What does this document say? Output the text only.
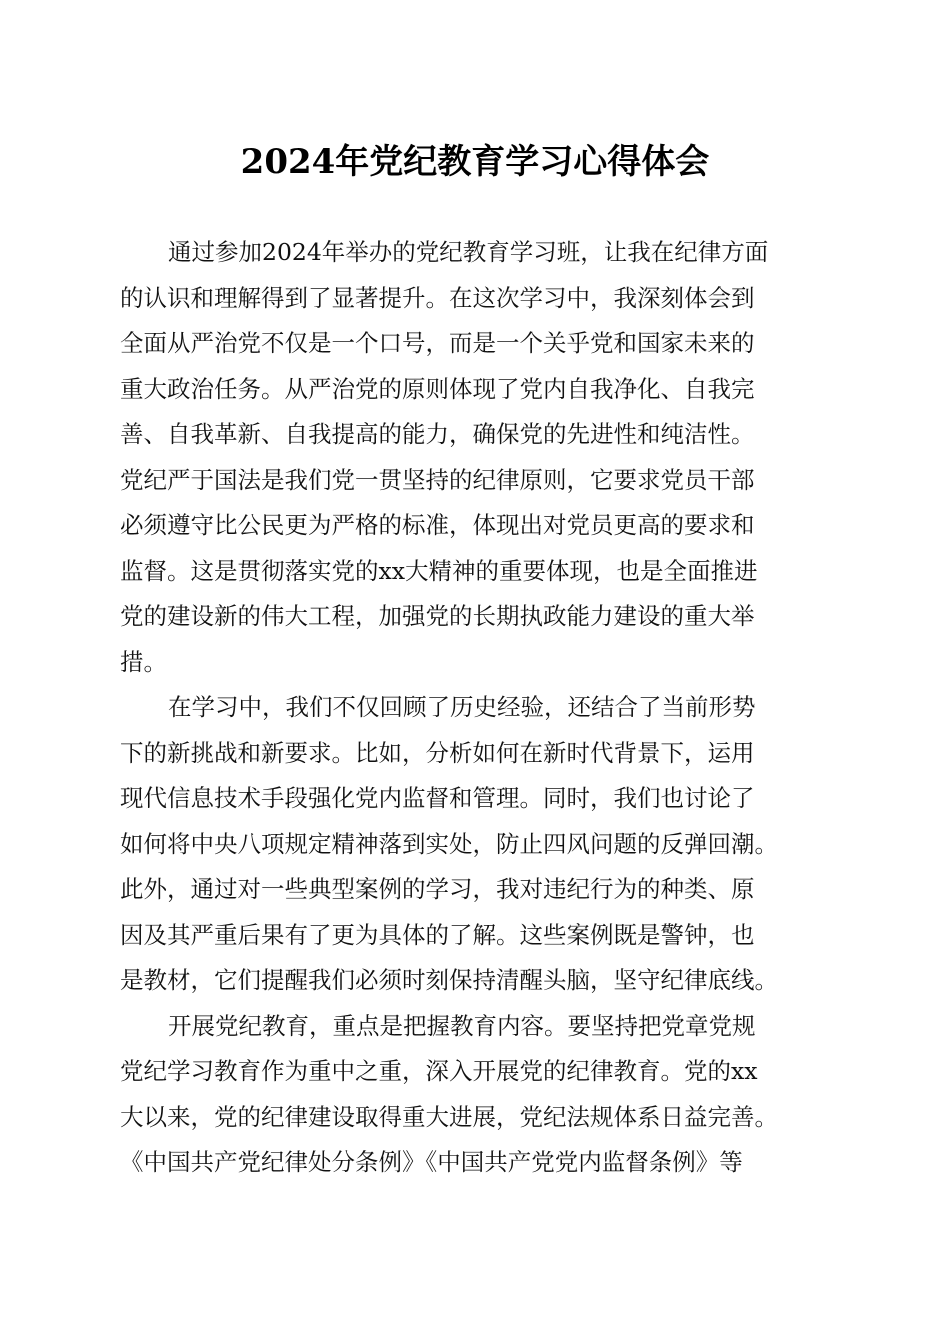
2024年党纪教育学习心得体会
通过参加2024年举办的党纪教育学习班，让我在纪律方面
的认识和理解得到了显著提升。在这次学习中，我深刻体会到
全面从严治党不仅是一个口号，而是一个关乎党和国家未来的
重大政治任务。从严治党的原则体现了党内自我净化、自我完
善、自我革新、自我提高的能力，确保党的先进性和纯洁性。
党纪严于国法是我们党一贯坚持的纪律原则，它要求党员干部
必须遵守比公民更为严格的标准，体现出对党员更高的要求和
监督。这是贯彻落实党的xx大精神的重要体现，也是全面推进
党的建设新的伟大工程，加强党的长期执政能力建设的重大举
措。
在学习中，我们不仅回顾了历史经验，还结合了当前形势
下的新挑战和新要求。比如，分析如何在新时代背景下，运用
现代信息技术手段强化党内监督和管理。同时，我们也讨论了
如何将中央八项规定精神落到实处，防止四风问题的反弹回潮。
此外，通过对一些典型案例的学习，我对违纪行为的种类、原
因及其严重后果有了更为具体的了解。这些案例既是警钟，也
是教材，它们提醒我们必须时刻保持清醒头脑，坚守纪律底线。
开展党纪教育，重点是把握教育内容。要坚持把党章党规
党纪学习教育作为重中之重，深入开展党的纪律教育。党的xx
大以来，党的纪律建设取得重大进展，党纪法规体系日益完善。
《中国共产党纪律处分条例》《中国共产党党内监督条例》等
